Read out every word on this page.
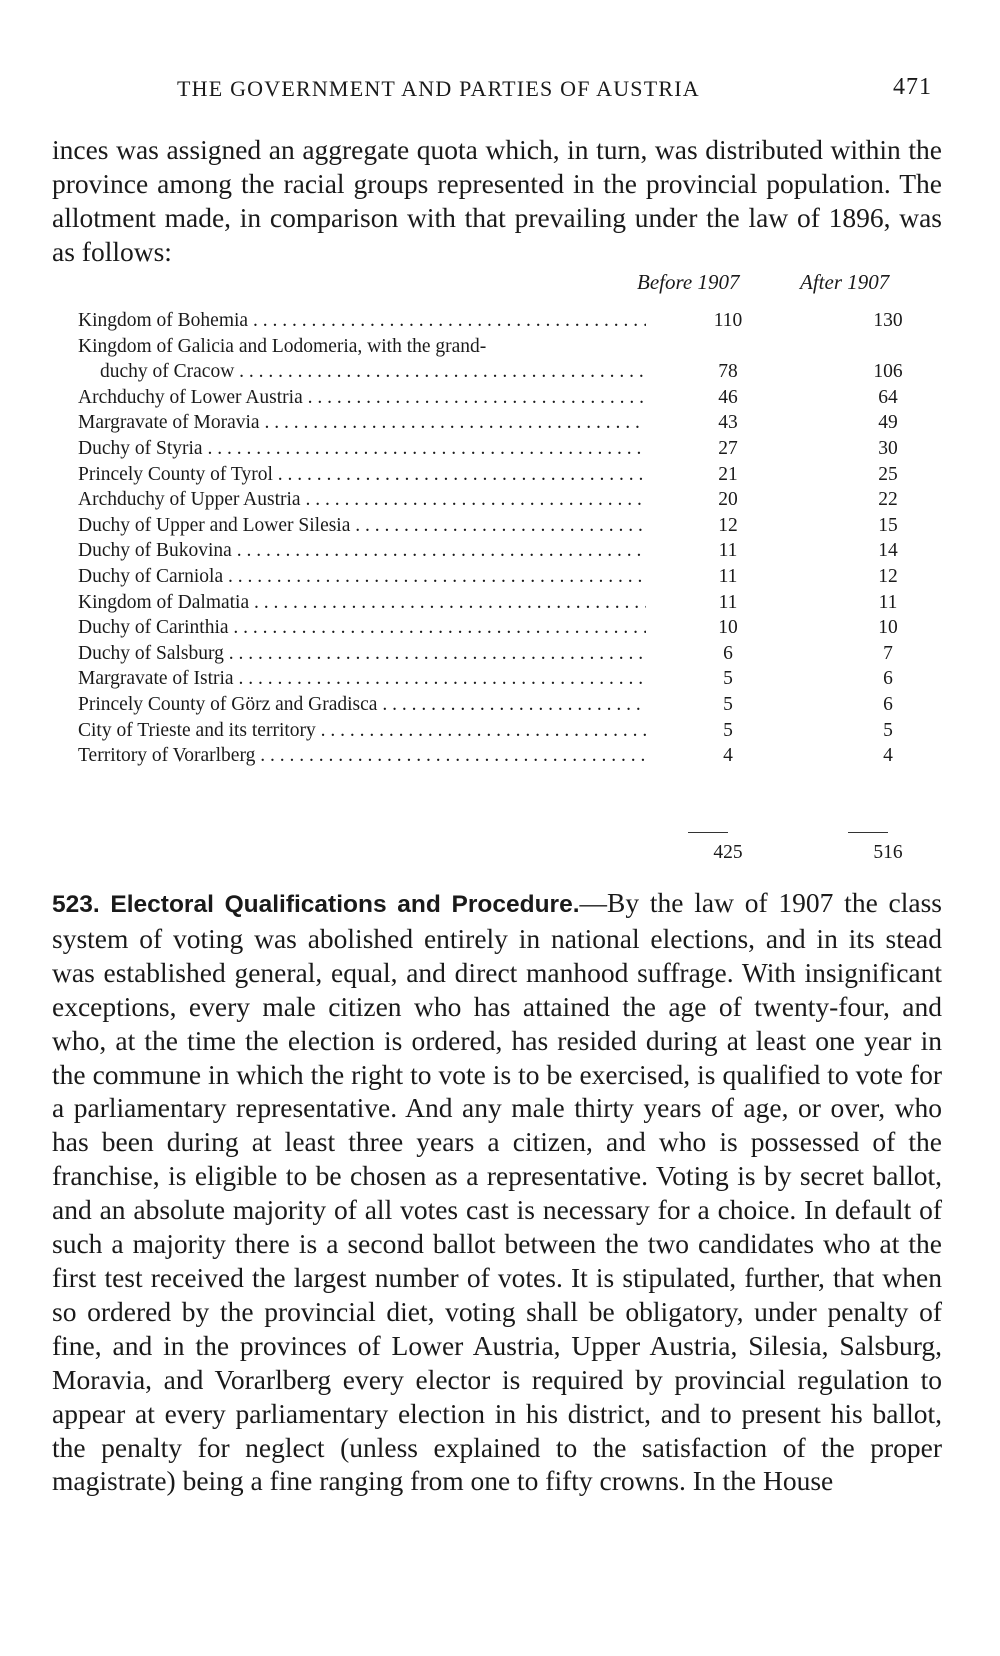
THE GOVERNMENT AND PARTIES OF AUSTRIA	471
inces was assigned an aggregate quota which, in turn, was distributed within the province among the racial groups represented in the provincial population. The allotment made, in comparison with that prevailing under the law of 1896, was as follows:
Before 1907	After 1907
Kingdom of Bohemia . . .	110	130
Kingdom of Galicia and Lodomeria, with the grand-
duchy of Cracow . . .	78	106
Archduchy of Lower Austria . . .	46	64
Margravate of Moravia . . .	43	49
Duchy of Styria . . .	27	30
Princely County of Tyrol . . .	21	25
Archduchy of Upper Austria . . .	20	22
Duchy of Upper and Lower Silesia . . .	12	15
Duchy of Bukovina . . .	11	14
Duchy of Carniola . . .	11	12
Kingdom of Dalmatia . . .	11	11
Duchy of Carinthia . . .	10	10
Duchy of Salsburg . . .	6	7
Margravate of Istria . . .	5	6
Princely County of Görz and Gradisca . . .	5	6
City of Trieste and its territory . . .	5	5
Territory of Vorarlberg . . .	4	4
425	516
523. Electoral Qualifications and Procedure.—By the law of 1907 the class system of voting was abolished entirely in national elections, and in its stead was established general, equal, and direct manhood suffrage. With insignificant exceptions, every male citizen who has attained the age of twenty-four, and who, at the time the election is ordered, has resided during at least one year in the commune in which the right to vote is to be exercised, is qualified to vote for a parliamentary representative. And any male thirty years of age, or over, who has been during at least three years a citizen, and who is possessed of the franchise, is eligible to be chosen as a representative. Voting is by secret ballot, and an absolute majority of all votes cast is necessary for a choice. In default of such a majority there is a second ballot between the two candidates who at the first test received the largest number of votes. It is stipulated, further, that when so ordered by the provincial diet, voting shall be obligatory, under penalty of fine, and in the provinces of Lower Austria, Upper Austria, Silesia, Salsburg, Moravia, and Vorarlberg every elector is required by provincial regulation to appear at every parliamentary election in his district, and to present his ballot, the penalty for neglect (unless explained to the satisfaction of the proper magistrate) being a fine ranging from one to fifty crowns. In the House
